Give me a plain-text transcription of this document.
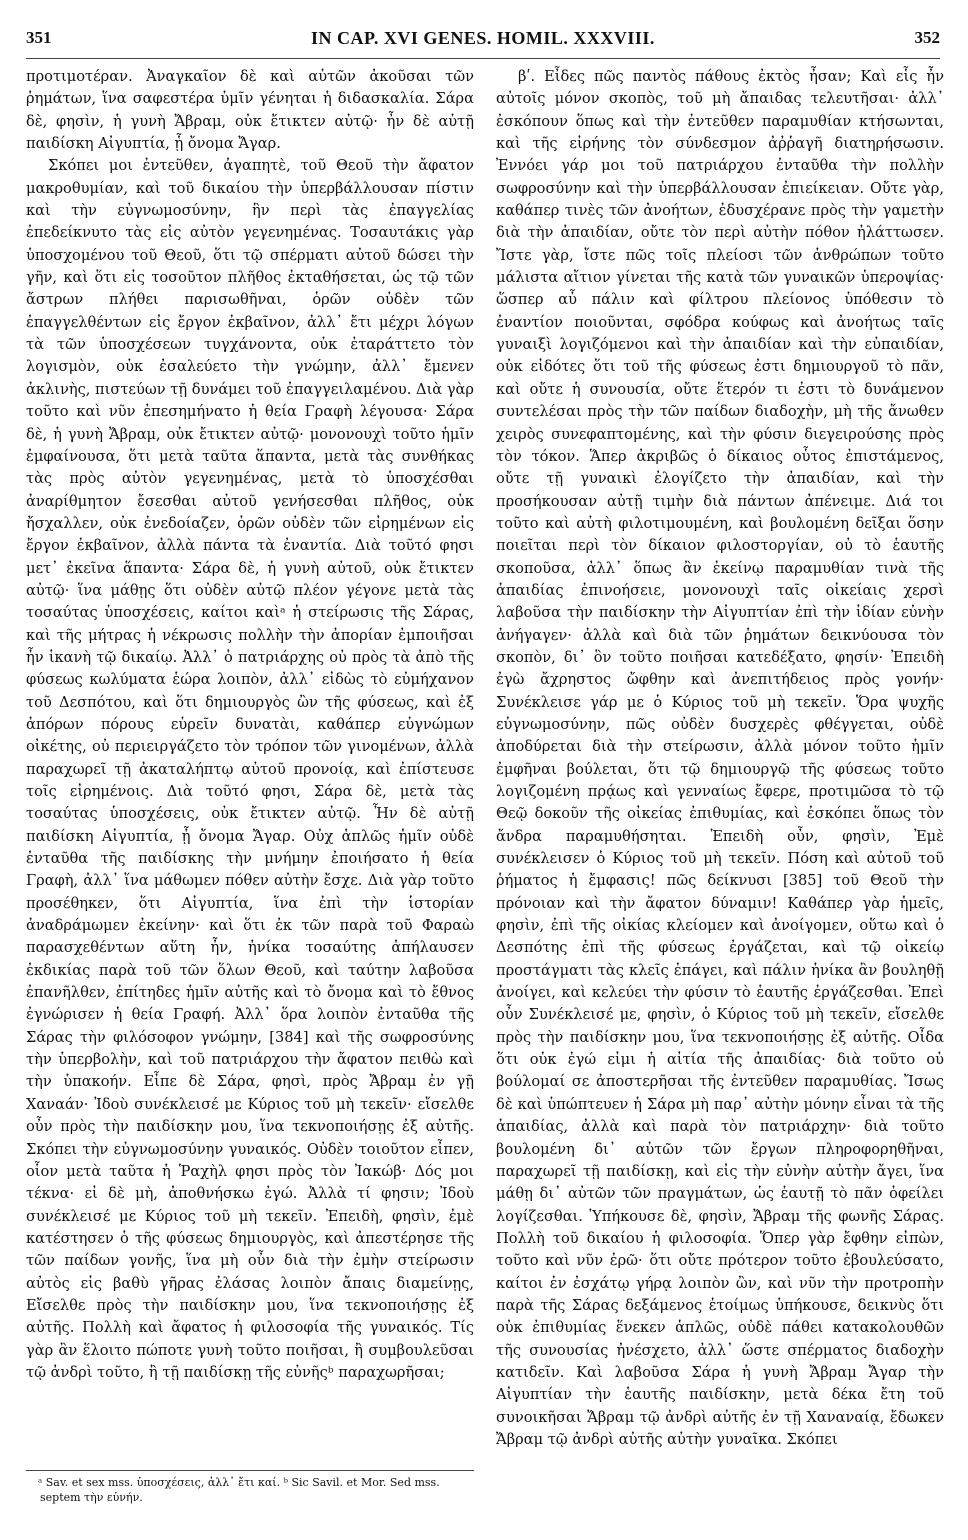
351	IN CAP. XVI GENES. HOMIL. XXXVIII.	352

προτιμοτέραν. Ἀναγκαῖον δὲ καὶ αὐτῶν ἀκοῦσαι τῶν ῥημάτων, ἵνα σαφεστέρα ὑμῖν γένηται ἡ διδασκαλία. Σάρα δὲ, φησὶν, ἡ γυνὴ Ἄβραμ, οὐκ ἔτικτεν αὐτῷ· ἦν δὲ αὐτῇ παιδίσκη Αἰγυπτία, ᾗ ὄνομα Ἄγαρ.

Σκόπει μοι ἐντεῦθεν, ἀγαπητὲ, τοῦ Θεοῦ τὴν ἄφατον μακροθυμίαν, καὶ τοῦ δικαίου τὴν ὑπερβάλλουσαν πίστιν καὶ τὴν εὐγνωμοσύνην, ἣν περὶ τὰς ἐπαγγελίας ἐπεδείκνυτο τὰς εἰς αὐτὸν γεγενημένας. Τοσαυτάκις γὰρ ὑποσχομένου τοῦ Θεοῦ, ὅτι τῷ σπέρματι αὐτοῦ δώσει τὴν γῆν, καὶ ὅτι εἰς τοσοῦτον πλῆθος ἐκταθήσεται, ὡς τῷ τῶν ἄστρων πλήθει παρισωθῆναι, ὁρῶν οὐδὲν τῶν ἐπαγγελθέντων εἰς ἔργον ἐκβαῖνον, ἀλλ᾽ ἔτι μέχρι λόγων τὰ τῶν ὑποσχέσεων τυγχάνοντα, οὐκ ἐταράττετο τὸν λογισμὸν, οὐκ ἐσαλεύετο τὴν γνώμην, ἀλλ᾽ ἔμενεν ἀκλινὴς, πιστεύων τῇ δυνάμει τοῦ ἐπαγγειλαμένου. Διὰ γὰρ τοῦτο καὶ νῦν ἐπεσημήνατο ἡ θεία Γραφὴ λέγουσα· Σάρα δὲ, ἡ γυνὴ Ἄβραμ, οὐκ ἔτικτεν αὐτῷ· μονονουχὶ τοῦτο ἡμῖν ἐμφαίνουσα, ὅτι μετὰ ταῦτα ἅπαντα, μετὰ τὰς συνθήκας τὰς πρὸς αὐτὸν γεγενημένας, μετὰ τὸ ὑποσχέσθαι ἀναρίθμητον ἔσεσθαι αὐτοῦ γενήσεσθαι πλῆθος, οὐκ ἤσχαλλεν, οὐκ ἐνεδοίαζεν, ὁρῶν οὐδὲν τῶν εἰρημένων εἰς ἔργον ἐκβαῖνον, ἀλλὰ πάντα τὰ ἐναντία. Διὰ τοῦτό φησι μετ᾽ ἐκεῖνα ἅπαντα· Σάρα δὲ, ἡ γυνὴ αὐτοῦ, οὐκ ἔτικτεν αὐτῷ· ἵνα μάθῃς ὅτι οὐδὲν αὐτῷ πλέον γέγονε μετὰ τὰς τοσαύτας ὑποσχέσεις, καίτοι καὶᵃ ἡ στείρωσις τῆς Σάρας, καὶ τῆς μήτρας ἡ νέκρωσις πολλὴν τὴν ἀπορίαν ἐμποιῆσαι ἦν ἱκανὴ τῷ δικαίῳ. Ἀλλ᾽ ὁ πατριάρχης οὐ πρὸς τὰ ἀπὸ τῆς φύσεως κωλύματα ἑώρα λοιπὸν, ἀλλ᾽ εἰδὼς τὸ εὐμήχανον τοῦ Δεσπότου, καὶ ὅτι δημιουργὸς ὢν τῆς φύσεως, καὶ ἐξ ἀπόρων πόρους εὑρεῖν δυνατὰι, καθάπερ εὐγνώμων οἰκέτης, οὐ περιειργάζετο τὸν τρόπον τῶν γινομένων, ἀλλὰ παραχωρεῖ τῇ ἀκαταλήπτῳ αὐτοῦ προνοίᾳ, καὶ ἐπίστευσε τοῖς εἰρημένοις. Διὰ τοῦτό φησι, Σάρα δὲ, μετὰ τὰς τοσαύτας ὑποσχέσεις, οὐκ ἔτικτεν αὐτῷ. Ἦν δὲ αὐτῇ παιδίσκη Αἰγυπτία, ᾗ ὄνομα Ἄγαρ. Οὐχ ἁπλῶς ἡμῖν οὐδὲ ἐνταῦθα τῆς παιδίσκης τὴν μνήμην ἐποιήσατο ἡ θεία Γραφὴ, ἀλλ᾽ ἵνα μάθωμεν πόθεν αὐτὴν ἔσχε. Διὰ γὰρ τοῦτο προσέθηκεν, ὅτι Αἰγυπτία, ἵνα ἐπὶ τὴν ἱστορίαν ἀναδράμωμεν ἐκείνην· καὶ ὅτι ἐκ τῶν παρὰ τοῦ Φαραὼ παρασχεθέντων αὕτη ἦν, ἡνίκα τοσαύτης ἀπήλαυσεν ἐκδικίας παρὰ τοῦ τῶν ὅλων Θεοῦ, καὶ ταύτην λαβοῦσα ἐπανῆλθεν, ἐπίτηδες ἡμῖν αὐτῆς καὶ τὸ ὄνομα καὶ τὸ ἔθνος ἐγνώρισεν ἡ θεία Γραφή. Ἀλλ᾽ ὅρα λοιπὸν ἐνταῦθα τῆς Σάρας τὴν φιλόσοφον γνώμην, [384] καὶ τῆς σωφροσύνης τὴν ὑπερβολὴν, καὶ τοῦ πατριάρχου τὴν ἄφατον πειθὼ καὶ τὴν ὑπακοήν. Εἶπε δὲ Σάρα, φησὶ, πρὸς Ἄβραμ ἐν γῇ Χαναάν· Ἰδοὺ συνέκλεισέ με Κύριος τοῦ μὴ τεκεῖν· εἴσελθε οὖν πρὸς τὴν παιδίσκην μου, ἵνα τεκνοποιήσῃς ἐξ αὐτῆς. Σκόπει τὴν εὐγνωμοσύνην γυναικός. Οὐδὲν τοιοῦτον εἶπεν, οἷον μετὰ ταῦτα ἡ Ῥαχὴλ φησι πρὸς τὸν Ἰακώβ· Δός μοι τέκνα· εἰ δὲ μὴ, ἀποθνήσκω ἐγώ. Ἀλλὰ τί φησιν; Ἰδοὺ συνέκλεισέ με Κύριος τοῦ μὴ τεκεῖν. Ἐπειδὴ, φησὶν, ἐμὲ κατέστησεν ὁ τῆς φύσεως δημιουργὸς, καὶ ἀπεστέρησε τῆς τῶν παίδων γονῆς, ἵνα μὴ οὖν διὰ τὴν ἐμὴν στείρωσιν αὐτὸς εἰς βαθὺ γῆρας ἐλάσας λοιπὸν ἄπαις διαμείνῃς, Εἴσελθε πρὸς τὴν παιδίσκην μου, ἵνα τεκνοποιήσῃς ἐξ αὐτῆς. Πολλὴ καὶ ἄφατος ἡ φιλοσοφία τῆς γυναικός. Τίς γὰρ ἂν ἕλοιτο πώποτε γυνὴ τοῦτο ποιῆσαι, ἢ συμβουλεῦσαι τῷ ἀνδρὶ τοῦτο, ἢ τῇ παιδίσκῃ τῆς εὐνῆςᵇ παραχωρῆσαι;

βʹ. Εἶδες πῶς παντὸς πάθους ἐκτὸς ἦσαν; Καὶ εἷς ἦν αὐτοῖς μόνον σκοπὸς, τοῦ μὴ ἄπαιδας τελευτῆσαι· ἀλλ᾽ ἐσκόπουν ὅπως καὶ τὴν ἐντεῦθεν παραμυθίαν κτήσωνται, καὶ τῆς εἰρήνης τὸν σύνδεσμον ἀῤῥαγῆ διατηρήσωσιν. Ἐννόει γάρ μοι τοῦ πατριάρχου ἐνταῦθα τὴν πολλὴν σωφροσύνην καὶ τὴν ὑπερβάλλουσαν ἐπιείκειαν. Οὔτε γὰρ, καθάπερ τινὲς τῶν ἀνοήτων, ἐδυσχέρανε πρὸς τὴν γαμετὴν διὰ τὴν ἀπαιδίαν, οὔτε τὸν περὶ αὐτὴν πόθον ἠλάττωσεν. Ἴστε γὰρ, ἴστε πῶς τοῖς πλείοσι τῶν ἀνθρώπων τοῦτο μάλιστα αἴτιον γίνεται τῆς κατὰ τῶν γυναικῶν ὑπεροψίας· ὥσπερ αὖ πάλιν καὶ φίλτρου πλείονος ὑπόθεσιν τὸ ἐναντίον ποιοῦνται, σφόδρα κούφως καὶ ἀνοήτως ταῖς γυναιξὶ λογιζόμενοι καὶ τὴν ἀπαιδίαν καὶ τὴν εὐπαιδίαν, οὐκ εἰδότες ὅτι τοῦ τῆς φύσεως ἐστι δημιουργοῦ τὸ πᾶν, καὶ οὔτε ἡ συνουσία, οὔτε ἕτερόν τι ἐστι τὸ δυνάμενον συντελέσαι πρὸς τὴν τῶν παίδων διαδοχὴν, μὴ τῆς ἄνωθεν χειρὸς συνεφαπτομένης, καὶ τὴν φύσιν διεγειρούσης πρὸς τὸν τόκον. Ἅπερ ἀκριβῶς ὁ δίκαιος οὗτος ἐπιστάμενος, οὔτε τῇ γυναικὶ ἐλογίζετο τὴν ἀπαιδίαν, καὶ τὴν προσήκουσαν αὐτῇ τιμὴν διὰ πάντων ἀπένειμε. Διά τοι τοῦτο καὶ αὐτὴ φιλοτιμουμένη, καὶ βουλομένη δεῖξαι ὅσην ποιεῖται περὶ τὸν δίκαιον φιλοστοργίαν, οὐ τὸ ἑαυτῆς σκοποῦσα, ἀλλ᾽ ὅπως ἂν ἐκείνῳ παραμυθίαν τινὰ τῆς ἀπαιδίας ἐπινοήσειε, μονονουχὶ ταῖς οἰκείαις χερσὶ λαβοῦσα τὴν παιδίσκην τὴν Αἰγυπτίαν ἐπὶ τὴν ἰδίαν εὐνὴν ἀνήγαγεν· ἀλλὰ καὶ διὰ τῶν ῥημάτων δεικνύουσα τὸν σκοπὸν, δι᾽ ὃν τοῦτο ποιῆσαι κατεδέξατο, φησίν· Ἐπειδὴ ἐγὼ ἄχρηστος ὤφθην καὶ ἀνεπιτήδειος πρὸς γονήν· Συνέκλεισε γάρ με ὁ Κύριος τοῦ μὴ τεκεῖν. Ὅρα ψυχῆς εὐγνωμοσύνην, πῶς οὐδὲν δυσχερὲς φθέγγεται, οὐδὲ ἀποδύρεται διὰ τὴν στείρωσιν, ἀλλὰ μόνον τοῦτο ἡμῖν ἐμφῆναι βούλεται, ὅτι τῷ δημιουργῷ τῆς φύσεως τοῦτο λογιζομένη πρᾴως καὶ γενναίως ἔφερε, προτιμῶσα τὸ τῷ Θεῷ δοκοῦν τῆς οἰκείας ἐπιθυμίας, καὶ ἐσκόπει ὅπως τὸν ἄνδρα παραμυθήσηται. Ἐπειδὴ οὖν, φησὶν, Ἐμὲ συνέκλεισεν ὁ Κύριος τοῦ μὴ τεκεῖν. Πόση καὶ αὐτοῦ τοῦ ῥήματος ἡ ἔμφασις! πῶς δείκνυσι [385] τοῦ Θεοῦ τὴν πρόνοιαν καὶ τὴν ἄφατον δύναμιν! Καθάπερ γὰρ ἡμεῖς, φησὶν, ἐπὶ τῆς οἰκίας κλείομεν καὶ ἀνοίγομεν, οὕτω καὶ ὁ Δεσπότης ἐπὶ τῆς φύσεως ἐργάζεται, καὶ τῷ οἰκείῳ προστάγματι τὰς κλεῖς ἐπάγει, καὶ πάλιν ἡνίκα ἂν βουληθῇ ἀνοίγει, καὶ κελεύει τὴν φύσιν τὸ ἑαυτῆς ἐργάζεσθαι. Ἐπεὶ οὖν Συνέκλεισέ με, φησὶν, ὁ Κύριος τοῦ μὴ τεκεῖν, εἴσελθε πρὸς τὴν παιδίσκην μου, ἵνα τεκνοποιήσῃς ἐξ αὐτῆς. Οἶδα ὅτι οὐκ ἐγώ εἰμι ἡ αἰτία τῆς ἀπαιδίας· διὰ τοῦτο οὐ βούλομαί σε ἀποστερῆσαι τῆς ἐντεῦθεν παραμυθίας. Ἴσως δὲ καὶ ὑπώπτευεν ἡ Σάρα μὴ παρ᾽ αὐτὴν μόνην εἶναι τὰ τῆς ἀπαιδίας, ἀλλὰ καὶ παρὰ τὸν πατριάρχην· διὰ τοῦτο βουλομένη δι᾽ αὐτῶν τῶν ἔργων πληροφορηθῆναι, παραχωρεῖ τῇ παιδίσκῃ, καὶ εἰς τὴν εὐνὴν αὐτὴν ἄγει, ἵνα μάθῃ δι᾽ αὐτῶν τῶν πραγμάτων, ὡς ἑαυτῇ τὸ πᾶν ὀφείλει λογίζεσθαι. Ὑπήκουσε δὲ, φησὶν, Ἄβραμ τῆς φωνῆς Σάρας. Πολλὴ τοῦ δικαίου ἡ φιλοσοφία. Ὅπερ γὰρ ἔφθην εἰπὼν, τοῦτο καὶ νῦν ἐρῶ· ὅτι οὔτε πρότερον τοῦτο ἐβουλεύσατο, καίτοι ἐν ἐσχάτῳ γήρᾳ λοιπὸν ὢν, καὶ νῦν τὴν προτροπὴν παρὰ τῆς Σάρας δεξάμενος ἑτοίμως ὑπήκουσε, δεικνὺς ὅτι οὐκ ἐπιθυμίας ἕνεκεν ἁπλῶς, οὐδὲ πάθει κατακολουθῶν τῆς συνουσίας ἠνέσχετο, ἀλλ᾽ ὥστε σπέρματος διαδοχὴν κατιδεῖν. Καὶ λαβοῦσα Σάρα ἡ γυνὴ Ἄβραμ Ἄγαρ τὴν Αἰγυπτίαν τὴν ἑαυτῆς παιδίσκην, μετὰ δέκα ἔτη τοῦ συνοικῆσαι Ἄβραμ τῷ ἀνδρὶ αὐτῆς ἐν τῇ Χαναναίᾳ, ἔδωκεν Ἄβραμ τῷ ἀνδρὶ αὐτῆς αὐτὴν γυναῖκα. Σκόπει

ᵃ Sav. et sex mss. ὑποσχέσεις, ἀλλ᾽ ἔτι καί. ᵇ Sic Savil. et Mor. Sed mss. septem τὴν εὐνήν.
